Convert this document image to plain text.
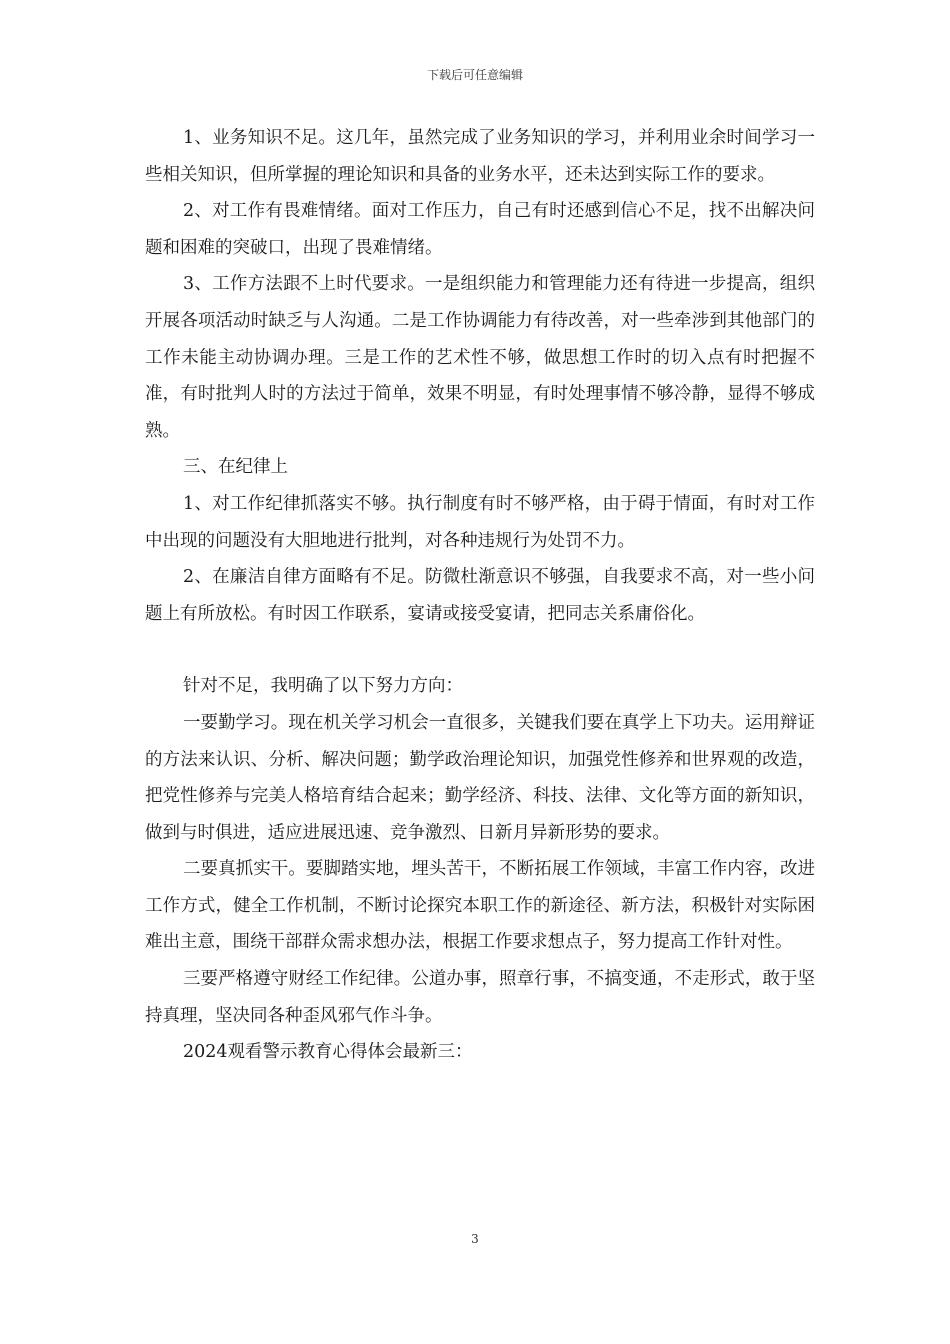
下载后可任意编辑

1、业务知识不足。这几年，虽然完成了业务知识的学习，并利用业余时间学习一些相关知识，但所掌握的理论知识和具备的业务水平，还未达到实际工作的要求。

2、对工作有畏难情绪。面对工作压力，自己有时还感到信心不足，找不出解决问题和困难的突破口，出现了畏难情绪。

3、工作方法跟不上时代要求。一是组织能力和管理能力还有待进一步提高，组织开展各项活动时缺乏与人沟通。二是工作协调能力有待改善，对一些牵涉到其他部门的工作未能主动协调办理。三是工作的艺术性不够，做思想工作时的切入点有时把握不准，有时批判人时的方法过于简单，效果不明显，有时处理事情不够冷静，显得不够成熟。

三、在纪律上

1、对工作纪律抓落实不够。执行制度有时不够严格，由于碍于情面，有时对工作中出现的问题没有大胆地进行批判，对各种违规行为处罚不力。

2、在廉洁自律方面略有不足。防微杜渐意识不够强，自我要求不高，对一些小问题上有所放松。有时因工作联系，宴请或接受宴请，把同志关系庸俗化。

针对不足，我明确了以下努力方向：

一要勤学习。现在机关学习机会一直很多，关键我们要在真学上下功夫。运用辩证的方法来认识、分析、解决问题；勤学政治理论知识，加强党性修养和世界观的改造，把党性修养与完美人格培育结合起来；勤学经济、科技、法律、文化等方面的新知识，做到与时俱进，适应进展迅速、竞争激烈、日新月异新形势的要求。

二要真抓实干。要脚踏实地，埋头苦干，不断拓展工作领域，丰富工作内容，改进工作方式，健全工作机制，不断讨论探究本职工作的新途径、新方法，积极针对实际困难出主意，围绕干部群众需求想办法，根据工作要求想点子，努力提高工作针对性。

三要严格遵守财经工作纪律。公道办事，照章行事，不搞变通，不走形式，敢于坚持真理，坚决同各种歪风邪气作斗争。

2024观看警示教育心得体会最新三：

3
